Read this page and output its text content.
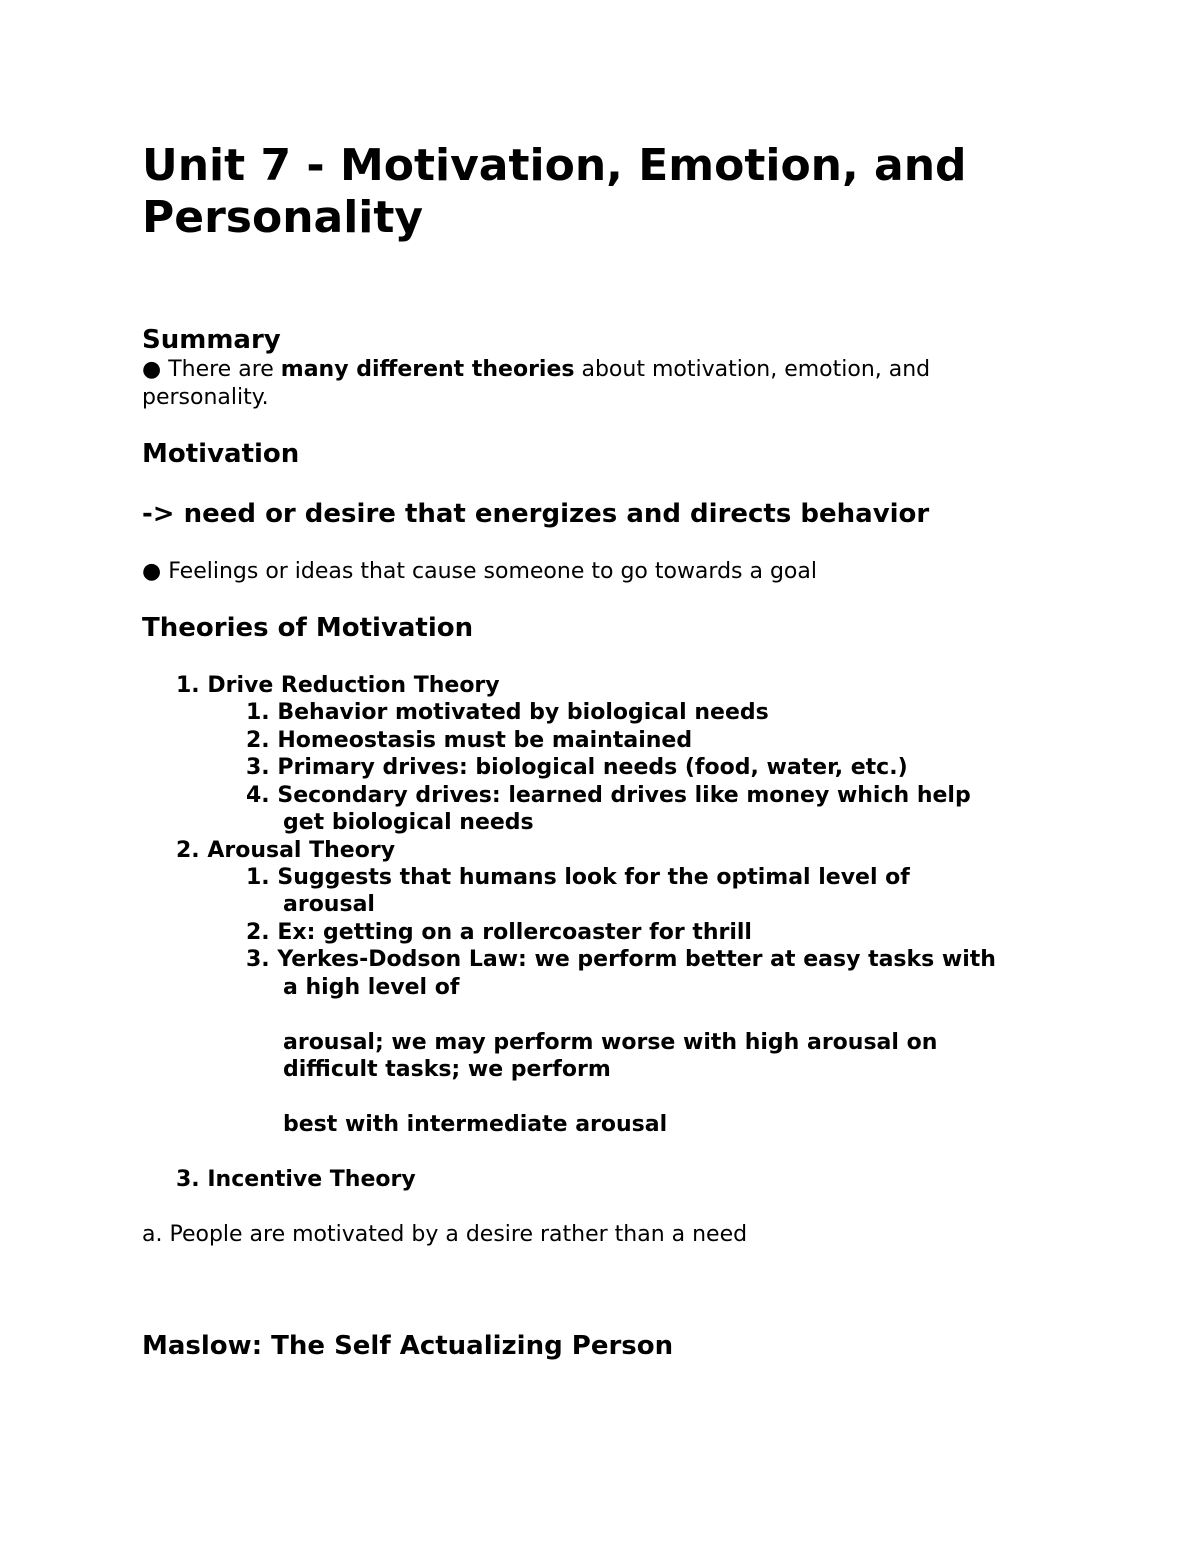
Unit 7 - Motivation, Emotion, and
Personality
Summary
● There are many different theories about motivation, emotion, and
personality.
Motivation
-> need or desire that energizes and directs behavior
● Feelings or ideas that cause someone to go towards a goal
Theories of Motivation
1. Drive Reduction Theory
1. Behavior motivated by biological needs
2. Homeostasis must be maintained
3. Primary drives: biological needs (food, water, etc.)
4. Secondary drives: learned drives like money which help
get biological needs
2. Arousal Theory
1. Suggests that humans look for the optimal level of
arousal
2. Ex: getting on a rollercoaster for thrill
3. Yerkes-Dodson Law: we perform better at easy tasks with
a high level of
arousal; we may perform worse with high arousal on
difficult tasks; we perform
best with intermediate arousal
3. Incentive Theory
a. People are motivated by a desire rather than a need
Maslow: The Self Actualizing Person
